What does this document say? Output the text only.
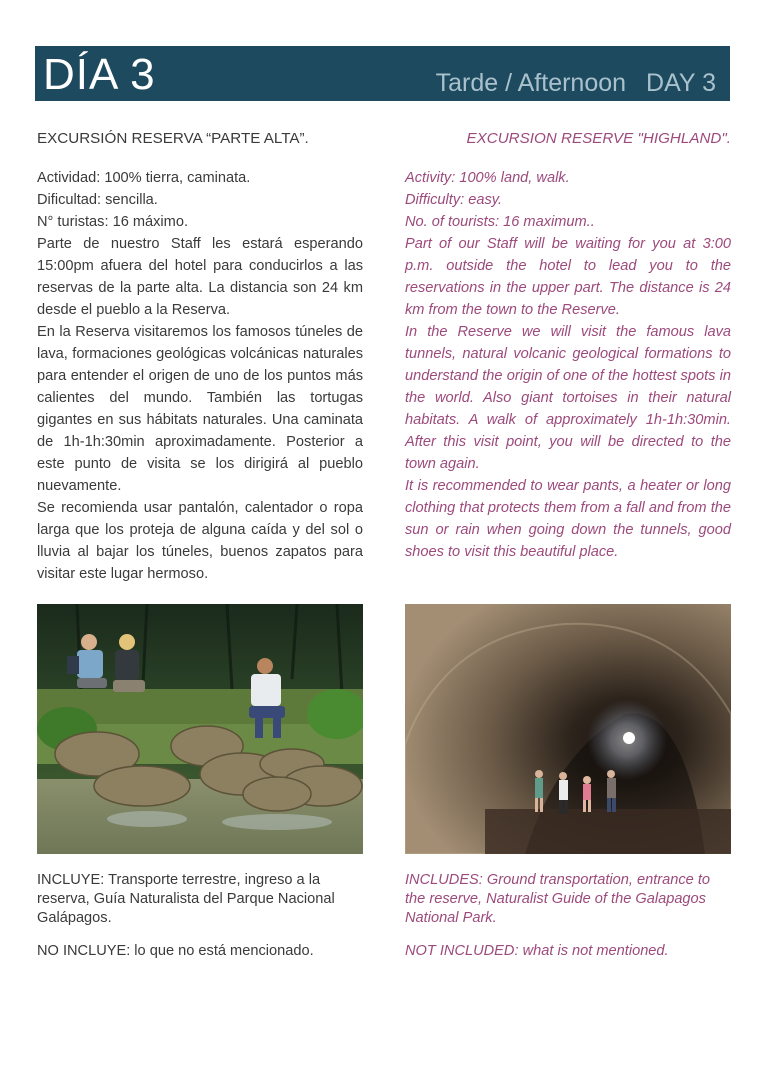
DÍA 3	Tarde / Afternoon DAY 3
EXCURSIÓN RESERVA “PARTE ALTA”.

Actividad: 100% tierra, caminata.

Dificultad: sencilla.

N° turistas: 16 máximo.

Parte de nuestro Staff les estará esperando 15:00pm afuera del hotel para conducirlos a las reservas de la parte alta. La distancia son 24 km desde el pueblo a la Reserva.

En la Reserva visitaremos los famosos túneles de lava, formaciones geológicas volcánicas naturales para entender el origen de uno de los puntos más calientes del mundo. También las tortugas gigantes en sus hábitats naturales. Una caminata de 1h-1h:30min aproximadamente. Posterior a este punto de visita se los dirigirá al pueblo nuevamente.

Se recomienda usar pantalón, calentador o ropa larga que los proteja de alguna caída y del sol o lluvia al bajar los túneles, buenos zapatos para visitar este lugar hermoso.

EXCURSION RESERVE "HIGHLAND".

Activity: 100% land, walk.

Difficulty: easy.

No. of tourists: 16 maximum..

Part of our Staff will be waiting for you at 3:00 p.m. outside the hotel to lead you to the reservations in the upper part. The distance is 24 km from the town to the Reserve.

In the Reserve we will visit the famous lava tunnels, natural volcanic geological formations to understand the origin of one of the hottest spots in the world. Also giant tortoises in their natural habitats. A walk of approximately 1h-1h:30min. After this visit point, you will be directed to the town again.

It is recommended to wear pants, a heater or long clothing that protects them from a fall and from the sun or rain when going down the tunnels, good shoes to visit this beautiful place.

INCLUYE: Transporte terrestre, ingreso a la reserva, Guía Naturalista del Parque Nacional Galápagos.

NO INCLUYE: lo que no está mencionado.

INCLUDES: Ground transportation, entrance to the reserve, Naturalist Guide of the Galapagos National Park.

NOT INCLUDED: what is not mentioned.
